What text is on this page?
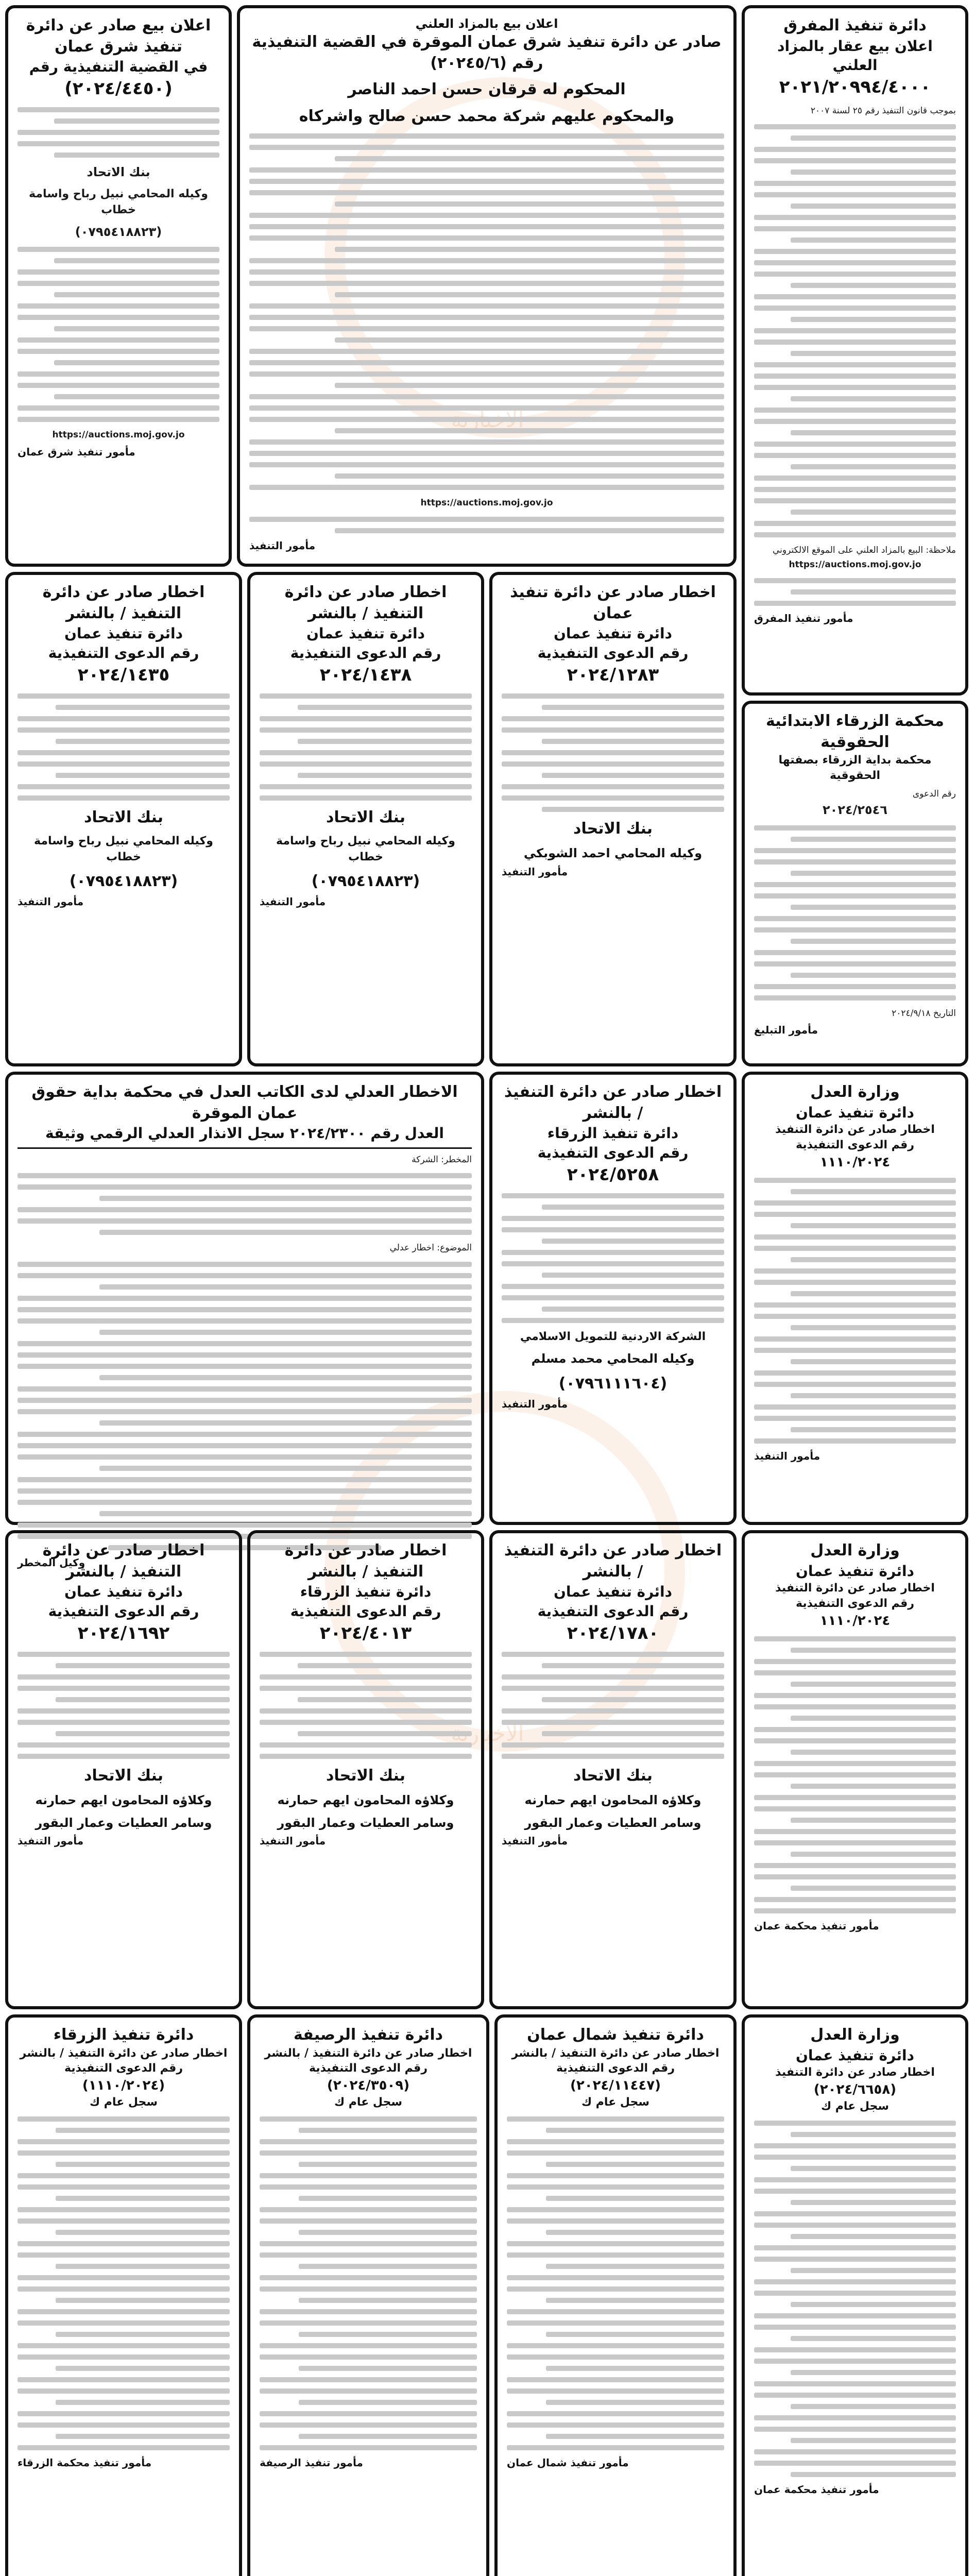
الاخبارية
الاخبارية
دائرة تنفيذ المفرق
اعلان بيع عقار بالمزاد العلني
٢٠٢١/٢٠٩٩٤/٤٠٠٠
بموجب قانون التنفيذ رقم ٢٥ لسنة ٢٠٠٧
ملاحظة: البيع بالمزاد العلني على الموقع الالكتروني
https://auctions.moj.gov.jo
مأمور تنفيذ المفرق
اعلان بيع بالمزاد العلني
صادر عن دائرة تنفيذ شرق عمان الموقرة في القضية التنفيذية رقم (٢٠٢٤٥/٦)
المحكوم له قرقان حسن احمد الناصر
والمحكوم عليهم شركة محمد حسن صالح واشركاه
https://auctions.moj.gov.jo
مأمور التنفيذ
اعلان بيع صادر عن دائرة تنفيذ شرق عمان
في القضية التنفيذية رقم
(٢٠٢٤/٤٤٥٠)
بنك الاتحاد
وكيله المحامي نبيل رباح واسامة خطاب
(٠٧٩٥٤١٨٨٢٣)
https://auctions.moj.gov.jo
مأمور تنفيذ شرق عمان
محكمة الزرقاء الابتدائية الحقوقية
محكمة بداية الزرقاء بصفتها الحقوقية
رقم الدعوى
٢٠٢٤/٢٥٤٦
التاريخ ٢٠٢٤/٩/١٨
مأمور التبليغ
اخطار صادر عن دائرة تنفيذ عمان
دائرة تنفيذ عمان
رقم الدعوى التنفيذية
٢٠٢٤/١٢٨٣
بنك الاتحاد
وكيله المحامي احمد الشوبكي
مأمور التنفيذ
اخطار صادر عن دائرة التنفيذ / بالنشر
دائرة تنفيذ عمان
رقم الدعوى التنفيذية
٢٠٢٤/١٤٣٨
بنك الاتحاد
وكيله المحامي نبيل رباح واسامة خطاب
(٠٧٩٥٤١٨٨٢٣)
مأمور التنفيذ
اخطار صادر عن دائرة التنفيذ / بالنشر
دائرة تنفيذ عمان
رقم الدعوى التنفيذية
٢٠٢٤/١٤٣٥
بنك الاتحاد
وكيله المحامي نبيل رباح واسامة خطاب
(٠٧٩٥٤١٨٨٢٣)
مأمور التنفيذ
وزارة العدل
دائرة تنفيذ عمان
اخطار صادر عن دائرة التنفيذ
رقم الدعوى التنفيذية
١١١٠/٢٠٢٤
مأمور التنفيذ
اخطار صادر عن دائرة التنفيذ / بالنشر
دائرة تنفيذ الزرقاء
رقم الدعوى التنفيذية
٢٠٢٤/٥٢٥٨
الشركة الاردنية للتمويل الاسلامي
وكيله المحامي محمد مسلم
(٠٧٩٦١١١٦٠٤)
مأمور التنفيذ
الاخطار العدلي لدى الكاتب العدل في محكمة بداية حقوق عمان الموقرة
العدل رقم ٢٠٢٤/٢٣٠٠ سجل الانذار العدلي الرقمي وثيقة
المخطر: الشركة
الموضوع: اخطار عدلي
وكيل المخطر
وزارة العدل
دائرة تنفيذ عمان
اخطار صادر عن دائرة التنفيذ
رقم الدعوى التنفيذية
١١١٠/٢٠٢٤
مأمور تنفيذ محكمة عمان
اخطار صادر عن دائرة التنفيذ / بالنشر
دائرة تنفيذ عمان
رقم الدعوى التنفيذية
٢٠٢٤/١٧٨٠
بنك الاتحاد
وكلاؤه المحامون ايهم حمارنه
وسامر العطيات وعمار البقور
مأمور التنفيذ
اخطار صادر عن دائرة التنفيذ / بالنشر
دائرة تنفيذ الزرقاء
رقم الدعوى التنفيذية
٢٠٢٤/٤٠١٣
بنك الاتحاد
وكلاؤه المحامون ايهم حمارنه
وسامر العطيات وعمار البقور
مأمور التنفيذ
اخطار صادر عن دائرة التنفيذ / بالنشر
دائرة تنفيذ عمان
رقم الدعوى التنفيذية
٢٠٢٤/١٦٩٢
بنك الاتحاد
وكلاؤه المحامون ايهم حمارنه
وسامر العطيات وعمار البقور
مأمور التنفيذ
وزارة العدل
دائرة تنفيذ عمان
اخطار صادر عن دائرة التنفيذ
(٢٠٢٤/٦٦٥٨)
سجل عام ك
مأمور تنفيذ محكمة عمان
دائرة تنفيذ شمال عمان
اخطار صادر عن دائرة التنفيذ / بالنشر
رقم الدعوى التنفيذية
(٢٠٢٤/١١٤٤٧)
سجل عام ك
مأمور تنفيذ شمال عمان
دائرة تنفيذ الرصيفة
اخطار صادر عن دائرة التنفيذ / بالنشر
رقم الدعوى التنفيذية
(٢٠٢٤/٣٥٠٩)
سجل عام ك
مأمور تنفيذ الرصيفة
دائرة تنفيذ الزرقاء
اخطار صادر عن دائرة التنفيذ / بالنشر
رقم الدعوى التنفيذية
(١١١٠/٢٠٢٤)
سجل عام ك
مأمور تنفيذ محكمة الزرقاء
